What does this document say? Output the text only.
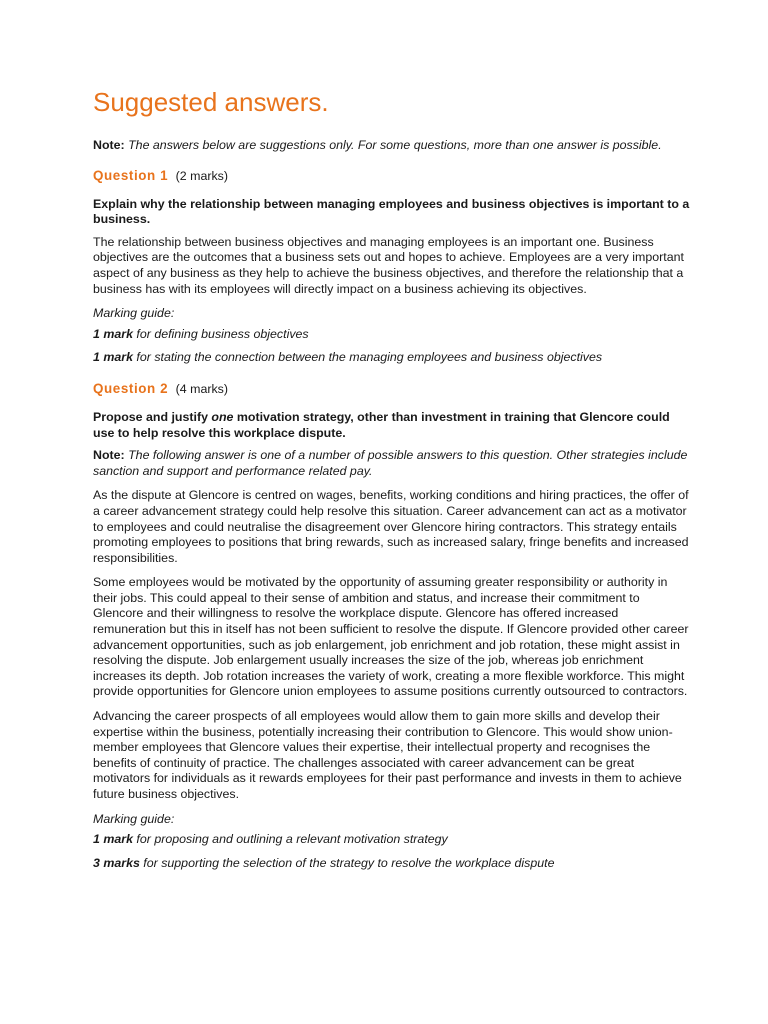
Suggested answers.

Note: The answers below are suggestions only. For some questions, more than one answer is possible.

Question 1 (2 marks)

Explain why the relationship between managing employees and business objectives is important to a business.

The relationship between business objectives and managing employees is an important one. Business objectives are the outcomes that a business sets out and hopes to achieve. Employees are a very important aspect of any business as they help to achieve the business objectives, and therefore the relationship that a business has with its employees will directly impact on a business achieving its objectives.

Marking guide:

1 mark for defining business objectives

1 mark for stating the connection between the managing employees and business objectives

Question 2 (4 marks)

Propose and justify one motivation strategy, other than investment in training that Glencore could use to help resolve this workplace dispute.

Note: The following answer is one of a number of possible answers to this question. Other strategies include sanction and support and performance related pay.

As the dispute at Glencore is centred on wages, benefits, working conditions and hiring practices, the offer of a career advancement strategy could help resolve this situation. Career advancement can act as a motivator to employees and could neutralise the disagreement over Glencore hiring contractors. This strategy entails promoting employees to positions that bring rewards, such as increased salary, fringe benefits and increased responsibilities.

Some employees would be motivated by the opportunity of assuming greater responsibility or authority in their jobs. This could appeal to their sense of ambition and status, and increase their commitment to Glencore and their willingness to resolve the workplace dispute. Glencore has offered increased remuneration but this in itself has not been sufficient to resolve the dispute. If Glencore provided other career advancement opportunities, such as job enlargement, job enrichment and job rotation, these might assist in resolving the dispute. Job enlargement usually increases the size of the job, whereas job enrichment increases its depth. Job rotation increases the variety of work, creating a more flexible workforce. This might provide opportunities for Glencore union employees to assume positions currently outsourced to contractors.

Advancing the career prospects of all employees would allow them to gain more skills and develop their expertise within the business, potentially increasing their contribution to Glencore. This would show union-member employees that Glencore values their expertise, their intellectual property and recognises the benefits of continuity of practice. The challenges associated with career advancement can be great motivators for individuals as it rewards employees for their past performance and invests in them to achieve future business objectives.

Marking guide:

1 mark for proposing and outlining a relevant motivation strategy

3 marks for supporting the selection of the strategy to resolve the workplace dispute
